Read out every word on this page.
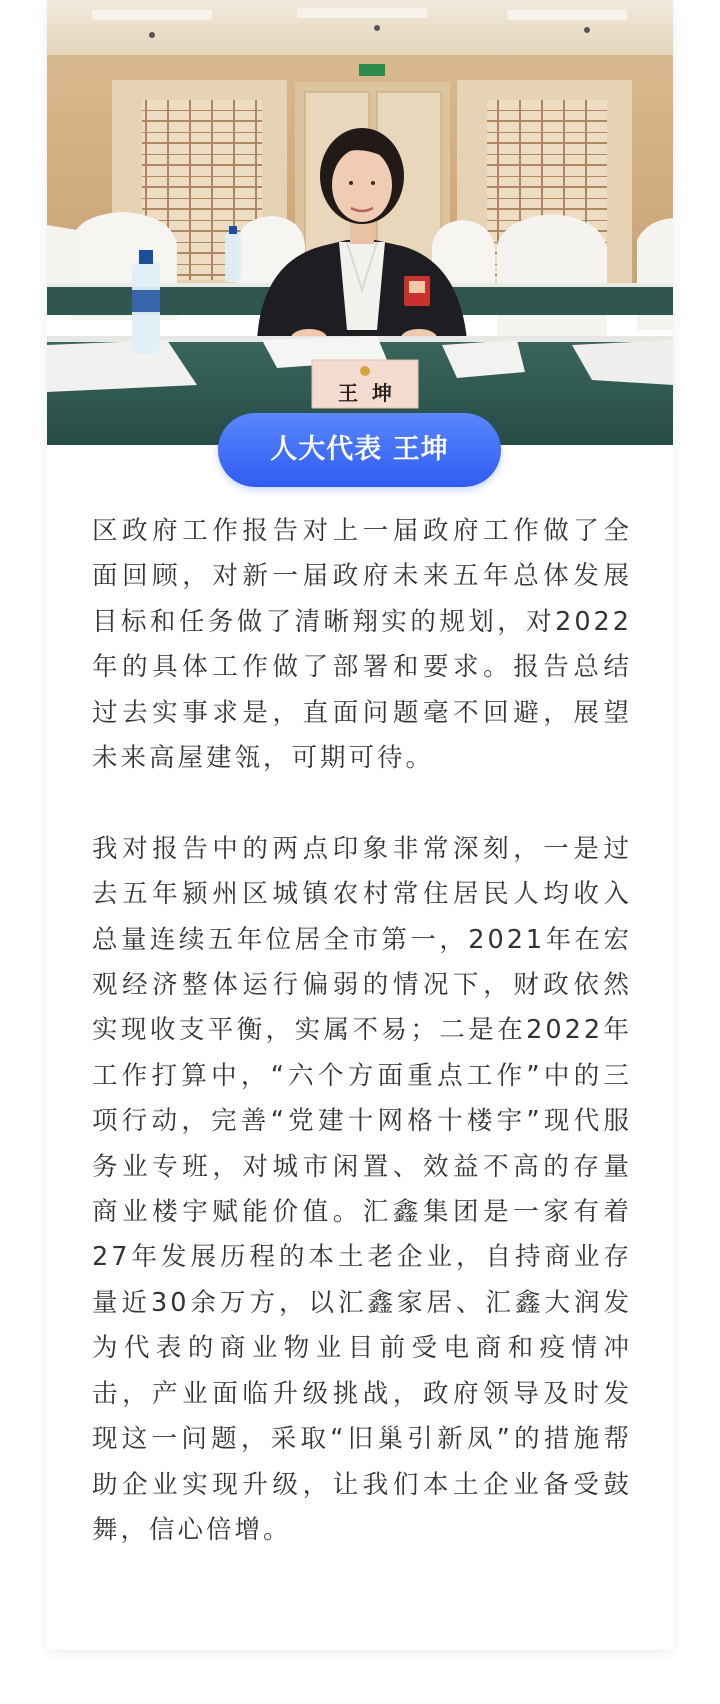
王  坤
人大代表 王坤

区政府工作报告对上一届政府工作做了全面回顾，对新一届政府未来五年总体发展目标和任务做了清晰翔实的规划，对2022年的具体工作做了部署和要求。报告总结过去实事求是，直面问题毫不回避，展望未来高屋建瓴，可期可待。

我对报告中的两点印象非常深刻，一是过去五年颍州区城镇农村常住居民人均收入总量连续五年位居全市第一，2021年在宏观经济整体运行偏弱的情况下，财政依然实现收支平衡，实属不易；二是在2022年工作打算中，“六个方面重点工作”中的三项行动，完善“党建十网格十楼宇”现代服务业专班，对城市闲置、效益不高的存量商业楼宇赋能价值。汇鑫集团是一家有着27年发展历程的本土老企业，自持商业存量近30余万方，以汇鑫家居、汇鑫大润发为代表的商业物业目前受电商和疫情冲击，产业面临升级挑战，政府领导及时发现这一问题，采取“旧巢引新凤”的措施帮助企业实现升级，让我们本土企业备受鼓舞，信心倍增。
